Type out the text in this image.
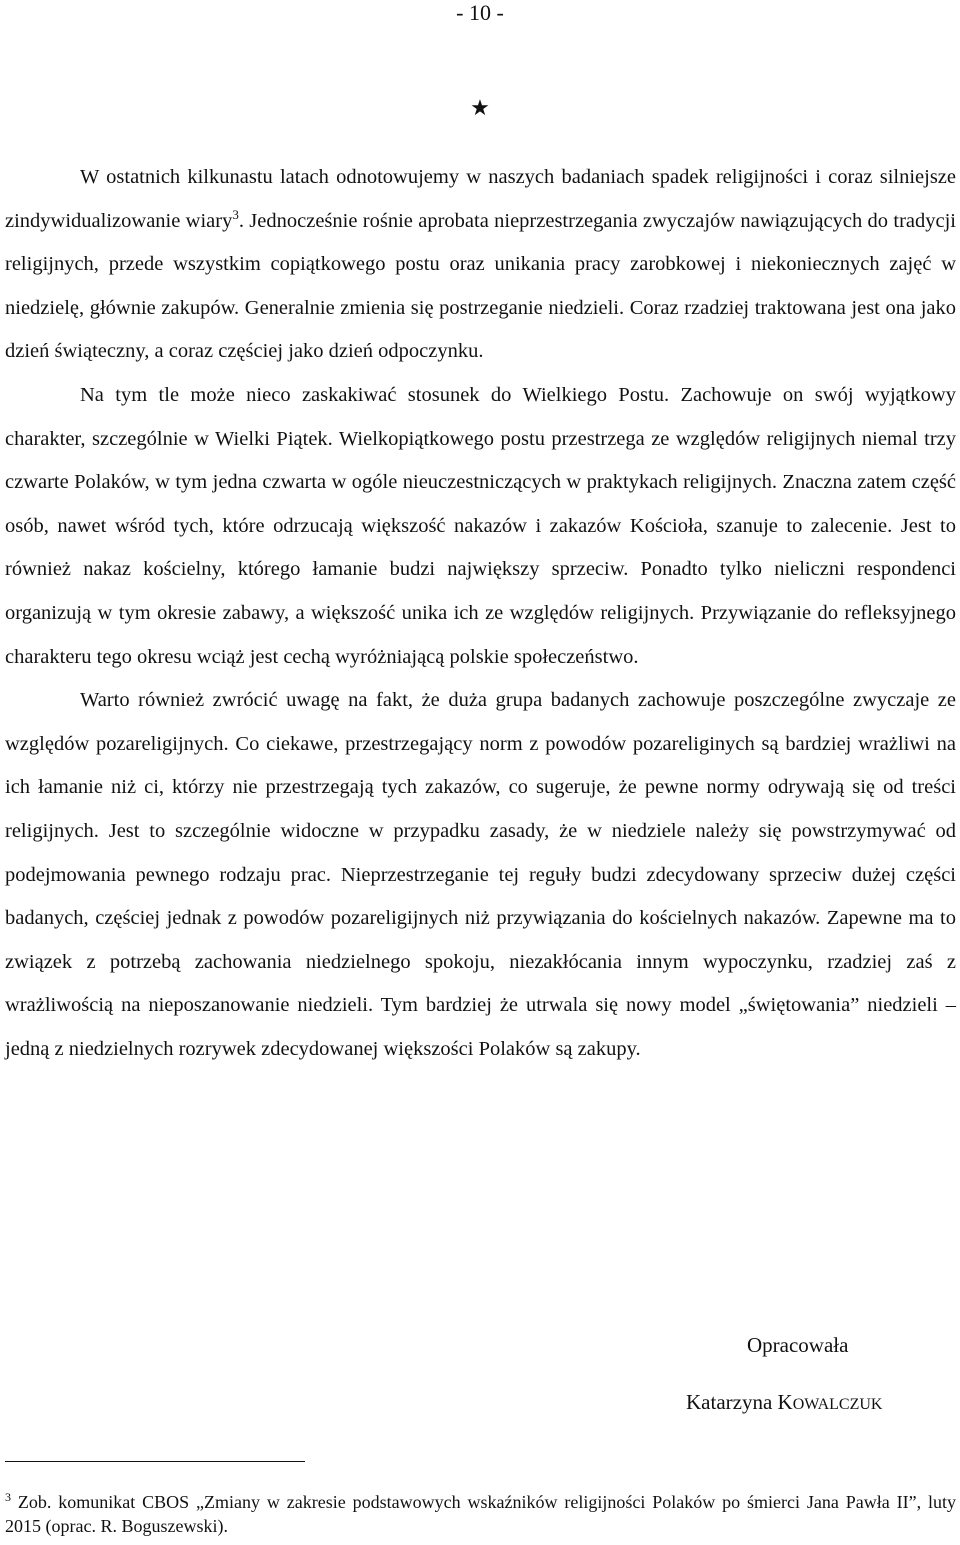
- 10 -
★

W ostatnich kilkunastu latach odnotowujemy w naszych badaniach spadek religijności i coraz silniejsze zindywidualizowanie wiary$^3$. Jednocześnie rośnie aprobata nieprzestrzegania zwyczajów nawiązujących do tradycji religijnych, przede wszystkim copiątkowego postu oraz unikania pracy zarobkowej i niekoniecznych zajęć w niedzielę, głównie zakupów. Generalnie zmienia się postrzeganie niedzieli. Coraz rzadziej traktowana jest ona jako dzień świąteczny, a coraz częściej jako dzień odpoczynku.

Na tym tle może nieco zaskakiwać stosunek do Wielkiego Postu. Zachowuje on swój wyjątkowy charakter, szczególnie w Wielki Piątek. Wielkopiątkowego postu przestrzega ze względów religijnych niemal trzy czwarte Polaków, w tym jedna czwarta w ogóle nieuczestniczących w praktykach religijnych. Znaczna zatem część osób, nawet wśród tych, które odrzucają większość nakazów i zakazów Kościoła, szanuje to zalecenie. Jest to również nakaz kościelny, którego łamanie budzi największy sprzeciw. Ponadto tylko nieliczni respondenci organizują w tym okresie zabawy, a większość unika ich ze względów religijnych. Przywiązanie do refleksyjnego charakteru tego okresu wciąż jest cechą wyróżniającą polskie społeczeństwo.

Warto również zwrócić uwagę na fakt, że duża grupa badanych zachowuje poszczególne zwyczaje ze względów pozareligijnych. Co ciekawe, przestrzegający norm z powodów pozareliginych są bardziej wrażliwi na ich łamanie niż ci, którzy nie przestrzegają tych zakazów, co sugeruje, że pewne normy odrywają się od treści religijnych. Jest to szczególnie widoczne w przypadku zasady, że w niedziele należy się powstrzymywać od podejmowania pewnego rodzaju prac. Nieprzestrzeganie tej reguły budzi zdecydowany sprzeciw dużej części badanych, częściej jednak z powodów pozareligijnych niż przywiązania do kościelnych nakazów. Zapewne ma to związek z potrzebą zachowania niedzielnego spokoju, niezakłócania innym wypoczynku, rzadziej zaś z wrażliwością na nieposzanowanie niedzieli. Tym bardziej że utrwala się nowy model „świętowania” niedzieli – jedną z niedzielnych rozrywek zdecydowanej większości Polaków są zakupy.

Opracowała
Katarzyna KOWALCZUK
$^3$ Zob. komunikat CBOS „Zmiany w zakresie podstawowych wskaźników religijności Polaków po śmierci Jana Pawła II”, luty 2015 (oprac. R. Boguszewski).
